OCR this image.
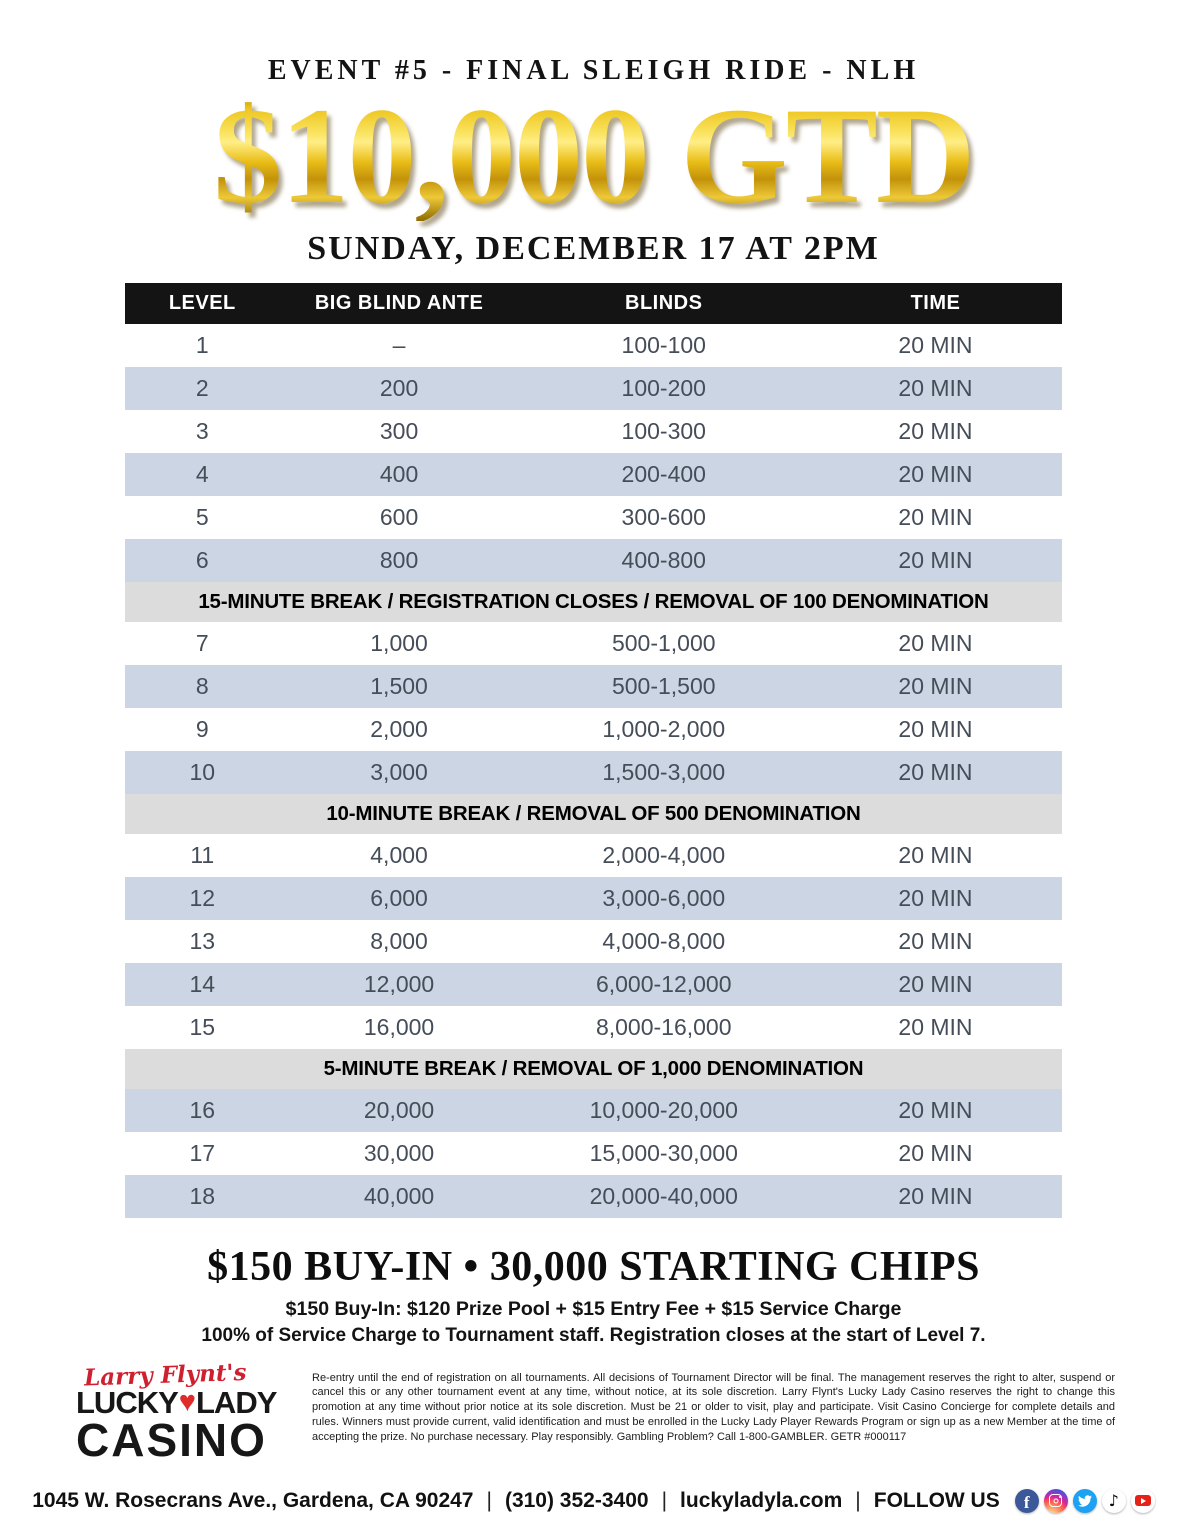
EVENT #5 - FINAL SLEIGH RIDE - NLH
$10,000 GTD
SUNDAY, DECEMBER 17 AT 2PM
LEVEL	BIG BLIND ANTE	BLINDS	TIME
1	–	100-100	20 MIN
2	200	100-200	20 MIN
3	300	100-300	20 MIN
4	400	200-400	20 MIN
5	600	300-600	20 MIN
6	800	400-800	20 MIN
15-MINUTE BREAK / REGISTRATION CLOSES / REMOVAL OF 100 DENOMINATION
7	1,000	500-1,000	20 MIN
8	1,500	500-1,500	20 MIN
9	2,000	1,000-2,000	20 MIN
10	3,000	1,500-3,000	20 MIN
10-MINUTE BREAK / REMOVAL OF 500 DENOMINATION
11	4,000	2,000-4,000	20 MIN
12	6,000	3,000-6,000	20 MIN
13	8,000	4,000-8,000	20 MIN
14	12,000	6,000-12,000	20 MIN
15	16,000	8,000-16,000	20 MIN
5-MINUTE BREAK / REMOVAL OF 1,000 DENOMINATION
16	20,000	10,000-20,000	20 MIN
17	30,000	15,000-30,000	20 MIN
18	40,000	20,000-40,000	20 MIN
$150 BUY-IN • 30,000 STARTING CHIPS
$150 Buy-In: $120 Prize Pool + $15 Entry Fee + $15 Service Charge
100% of Service Charge to Tournament staff. Registration closes at the start of Level 7.
Larry Flynt's
LUCKY ♥ LADY
CASINO
Re-entry until the end of registration on all tournaments. All decisions of Tournament Director will be final. The management reserves the right to alter, suspend or cancel this or any other tournament event at any time, without notice, at its sole discretion. Larry Flynt's Lucky Lady Casino reserves the right to change this promotion at any time without prior notice at its sole discretion. Must be 21 or older to visit, play and participate. Visit Casino Concierge for complete details and rules. Winners must provide current, valid identification and must be enrolled in the Lucky Lady Player Rewards Program or sign up as a new Member at the time of accepting the prize. No purchase necessary. Play responsibly. Gambling Problem? Call 1-800-GAMBLER. GETR #000117
1045 W. Rosecrans Ave., Gardena, CA 90247 | (310) 352-3400 | luckyladyla.com | FOLLOW US f	♪
